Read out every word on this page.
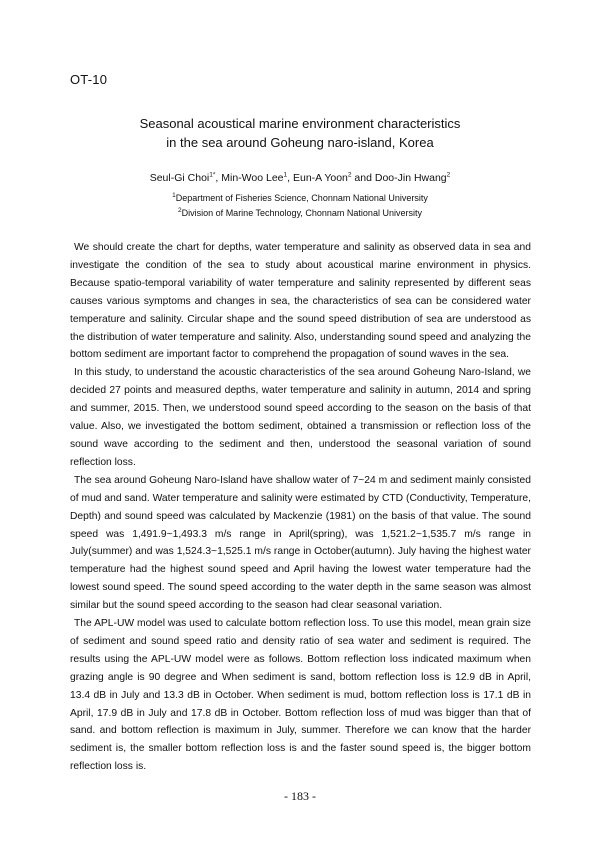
OT-10
Seasonal acoustical marine environment characteristics
in the sea around Goheung naro-island, Korea
Seul-Gi Choi$^{1*}$, Min-Woo Lee$^1$, Eun-A Yoon$^2$ and Doo-Jin Hwang$^2$
$^1$Department of Fisheries Science, Chonnam National University
$^2$Division of Marine Technology, Chonnam National University

We should create the chart for depths, water temperature and salinity as observed data in sea and investigate the condition of the sea to study about acoustical marine environment in physics. Because spatio-temporal variability of water temperature and salinity represented by different seas causes various symptoms and changes in sea, the characteristics of sea can be considered water temperature and salinity. Circular shape and the sound speed distribution of sea are understood as the distribution of water temperature and salinity. Also, understanding sound speed and analyzing the bottom sediment are important factor to comprehend the propagation of sound waves in the sea.

In this study, to understand the acoustic characteristics of the sea around Goheung Naro-Island, we decided 27 points and measured depths, water temperature and salinity in autumn, 2014 and spring and summer, 2015. Then, we understood sound speed according to the season on the basis of that value. Also, we investigated the bottom sediment, obtained a transmission or reflection loss of the sound wave according to the sediment and then, understood the seasonal variation of sound reflection loss.

The sea around Goheung Naro-Island have shallow water of 7~24 m and sediment mainly consisted of mud and sand. Water temperature and salinity were estimated by CTD (Conductivity, Temperature, Depth) and sound speed was calculated by Mackenzie (1981) on the basis of that value. The sound speed was 1,491.9~1,493.3 m/s range in April(spring), was 1,521.2~1,535.7 m/s range in July(summer) and was 1,524.3~1,525.1 m/s range in October(autumn). July having the highest water temperature had the highest sound speed and April having the lowest water temperature had the lowest sound speed. The sound speed according to the water depth in the same season was almost similar but the sound speed according to the season had clear seasonal variation.

The APL-UW model was used to calculate bottom reflection loss. To use this model, mean grain size of sediment and sound speed ratio and density ratio of sea water and sediment is required. The results using the APL-UW model were as follows. Bottom reflection loss indicated maximum when grazing angle is 90 degree and When sediment is sand, bottom reflection loss is 12.9 dB in April, 13.4 dB in July and 13.3 dB in October. When sediment is mud, bottom reflection loss is 17.1 dB in April, 17.9 dB in July and 17.8 dB in October. Bottom reflection loss of mud was bigger than that of sand. and bottom reflection is maximum in July, summer. Therefore we can know that the harder sediment is, the smaller bottom reflection loss is and the faster sound speed is, the bigger bottom reflection loss is.

- 183 -
